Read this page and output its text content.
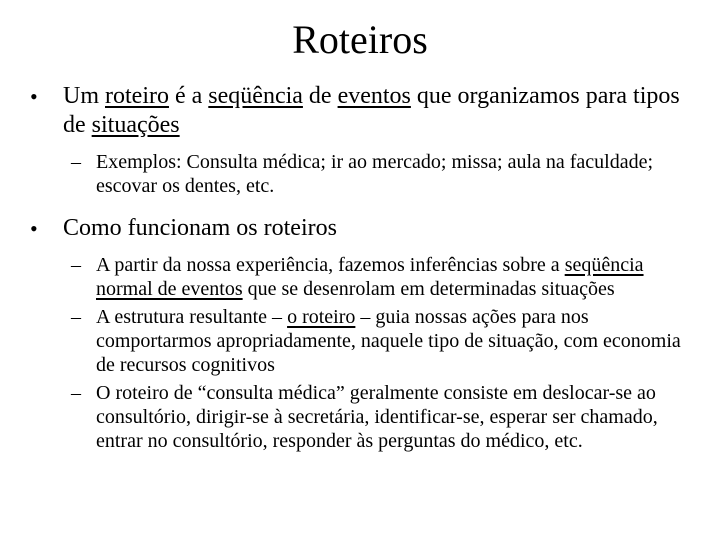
Roteiros
• Um roteiro é a seqüência de eventos que organizamos para tipos de situações
– Exemplos: Consulta médica; ir ao mercado; missa; aula na faculdade; escovar os dentes, etc.
• Como funcionam os roteiros
– A partir da nossa experiência, fazemos inferências sobre a seqüência normal de eventos que se desenrolam em determinadas situações
– A estrutura resultante – o roteiro – guia nossas ações para nos comportarmos apropriadamente, naquele tipo de situação, com economia de recursos cognitivos
– O roteiro de “consulta médica” geralmente consiste em deslocar-se ao consultório, dirigir-se à secretária, identificar-se, esperar ser chamado, entrar no consultório, responder às perguntas do médico, etc.
